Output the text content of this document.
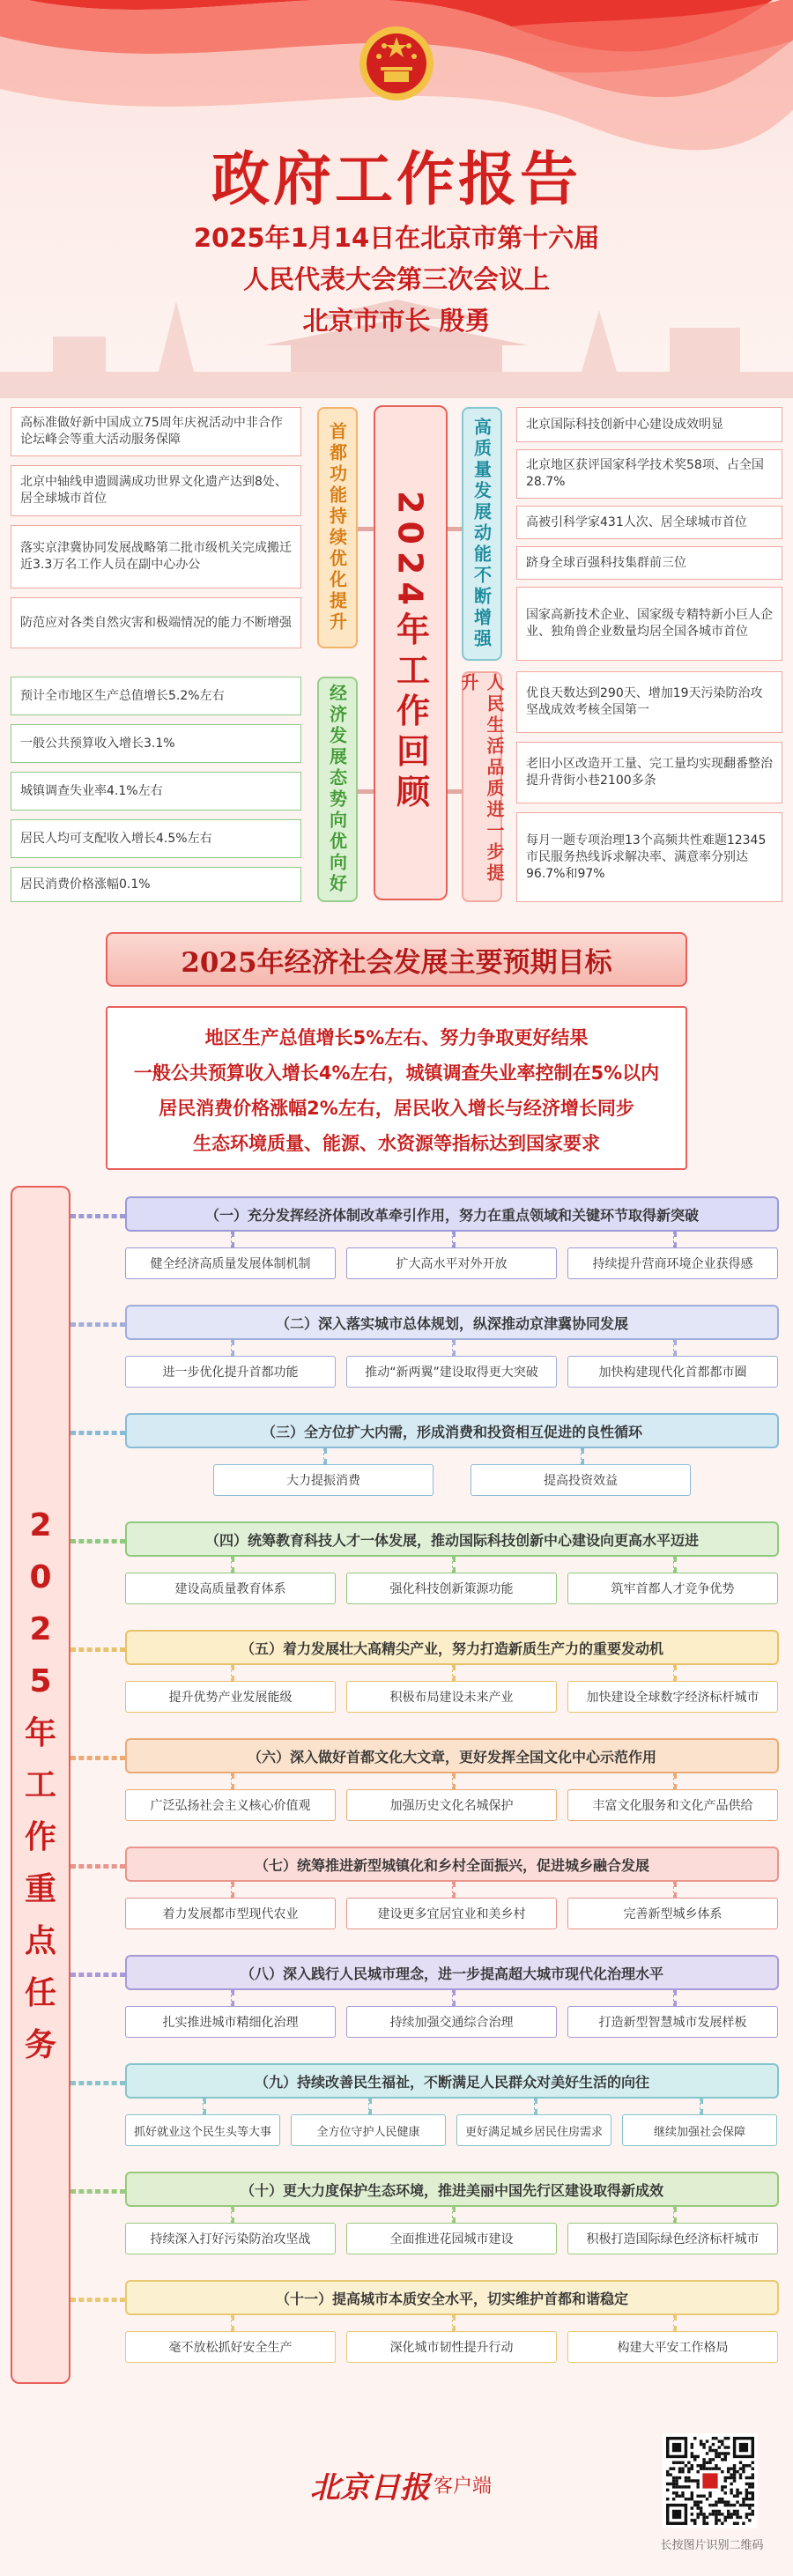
政府工作报告
2025年1月14日在北京市第十六届
人民代表大会第三次会议上
北京市市长 殷勇
高标准做好新中国成立75周年庆祝活动中非合作论坛峰会等重大活动服务保障
北京中轴线申遗圆满成功世界文化遗产达到8处、居全球城市首位
落实京津冀协同发展战略第二批市级机关完成搬迁近3.3万名工作人员在副中心办公
防范应对各类自然灾害和极端情况的能力不断增强	首都功能持续优化提升
预计全市地区生产总值增长5.2%左右
一般公共预算收入增长3.1%
城镇调查失业率4.1%左右
居民人均可支配收入增长4.5%左右
居民消费价格涨幅0.1%	经济发展态势向优向好	2024年工作回顾	高质量发展动能不断增强	北京国际科技创新中心建设成效明显
北京地区获评国家科学技术奖58项、占全国28.7%
高被引科学家431人次、居全球城市首位
跻身全球百强科技集群前三位
国家高新技术企业、国家级专精特新小巨人企业、独角兽企业数量均居全国各城市首位
人民生活品质进一步提升	优良天数达到290天、增加19天污染防治攻坚战成效考核全国第一
老旧小区改造开工量、完工量均实现翻番整治提升背街小巷2100多条
每月一题专项治理13个高频共性难题12345市民服务热线诉求解决率、满意率分别达96.7%和97%
2025年经济社会发展主要预期目标
地区生产总值增长5%左右、努力争取更好结果
一般公共预算收入增长4%左右，城镇调查失业率控制在5%以内
居民消费价格涨幅2%左右，居民收入增长与经济增长同步
生态环境质量、能源、水资源等指标达到国家要求
2
0
2
5
年
工
作
重
点
任
务
（一）充分发挥经济体制改革牵引作用，努力在重点领域和关键环节取得新突破
健全经济高质量发展体制机制	扩大高水平对外开放	持续提升营商环境企业获得感
（二）深入落实城市总体规划，纵深推动京津冀协同发展
进一步优化提升首都功能	推动“新两翼”建设取得更大突破	加快构建现代化首都都市圈
（三）全方位扩大内需，形成消费和投资相互促进的良性循环
大力提振消费	提高投资效益
（四）统筹教育科技人才一体发展，推动国际科技创新中心建设向更高水平迈进
建设高质量教育体系	强化科技创新策源功能	筑牢首都人才竞争优势
（五）着力发展壮大高精尖产业，努力打造新质生产力的重要发动机
提升优势产业发展能级	积极布局建设未来产业	加快建设全球数字经济标杆城市
（六）深入做好首都文化大文章，更好发挥全国文化中心示范作用
广泛弘扬社会主义核心价值观	加强历史文化名城保护	丰富文化服务和文化产品供给
（七）统筹推进新型城镇化和乡村全面振兴，促进城乡融合发展
着力发展都市型现代农业	建设更多宜居宜业和美乡村	完善新型城乡体系
（八）深入践行人民城市理念，进一步提高超大城市现代化治理水平
扎实推进城市精细化治理	持续加强交通综合治理	打造新型智慧城市发展样板
（九）持续改善民生福祉，不断满足人民群众对美好生活的向往
抓好就业这个民生头等大事	全方位守护人民健康	更好满足城乡居民住房需求	继续加强社会保障
（十）更大力度保护生态环境，推进美丽中国先行区建设取得新成效
持续深入打好污染防治攻坚战	全面推进花园城市建设	积极打造国际绿色经济标杆城市
（十一）提高城市本质安全水平，切实维护首都和谐稳定
毫不放松抓好安全生产	深化城市韧性提升行动	构建大平安工作格局
北京日报 客户端
长按图片识别二维码
